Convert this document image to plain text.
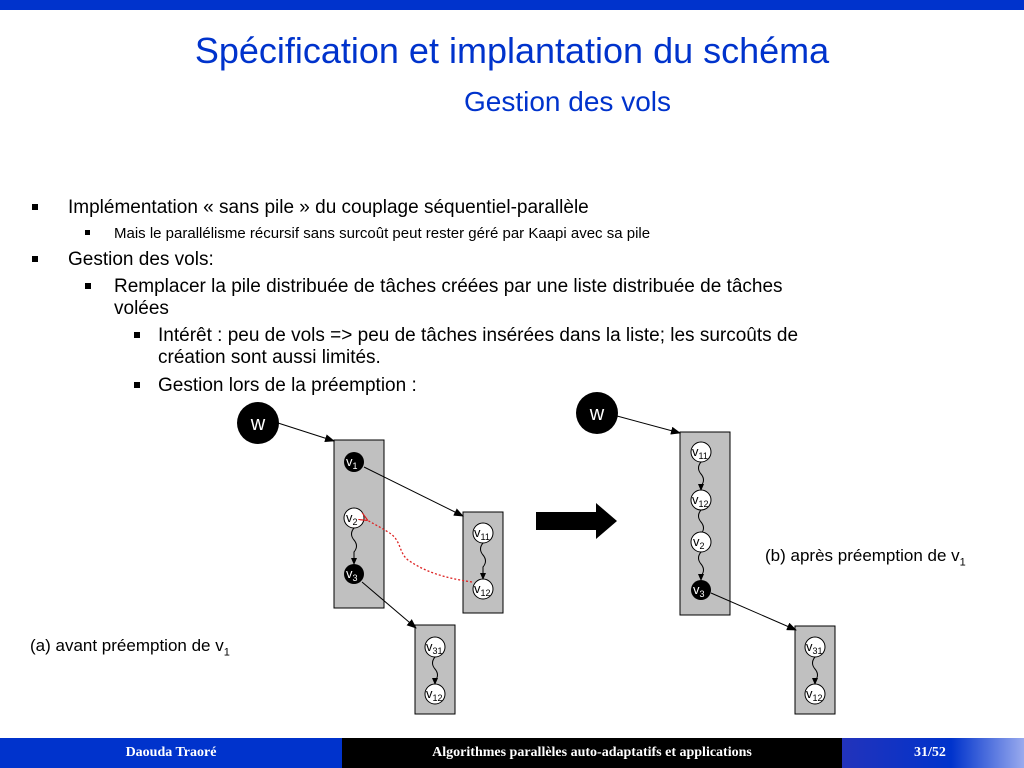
Spécification et implantation du schéma
Gestion des vols
Implémentation « sans pile » du couplage séquentiel-parallèle
Mais le parallélisme récursif sans surcoût peut rester géré par Kaapi avec sa pile
Gestion des vols:
Remplacer la pile distribuée de tâches créées par une liste distribuée de tâches
volées
Intérêt : peu de vols => peu de tâches insérées dans la liste; les surcoûts de
création sont aussi limités.
Gestion lors de la préemption :
w
$v_1$
$v_2$
$v_3$
$v_{11}$
$v_{12}$
$v_{31}$
$v_{12}$
w
$v_{11}$
$v_{12}$
$v_2$
$v_3$
$v_{31}$
$v_{12}$
(a) avant préemption de $v_1$
(b) après préemption de $v_1$
Daouda Traoré	Algorithmes parallèles auto-adaptatifs et applications	31/52
